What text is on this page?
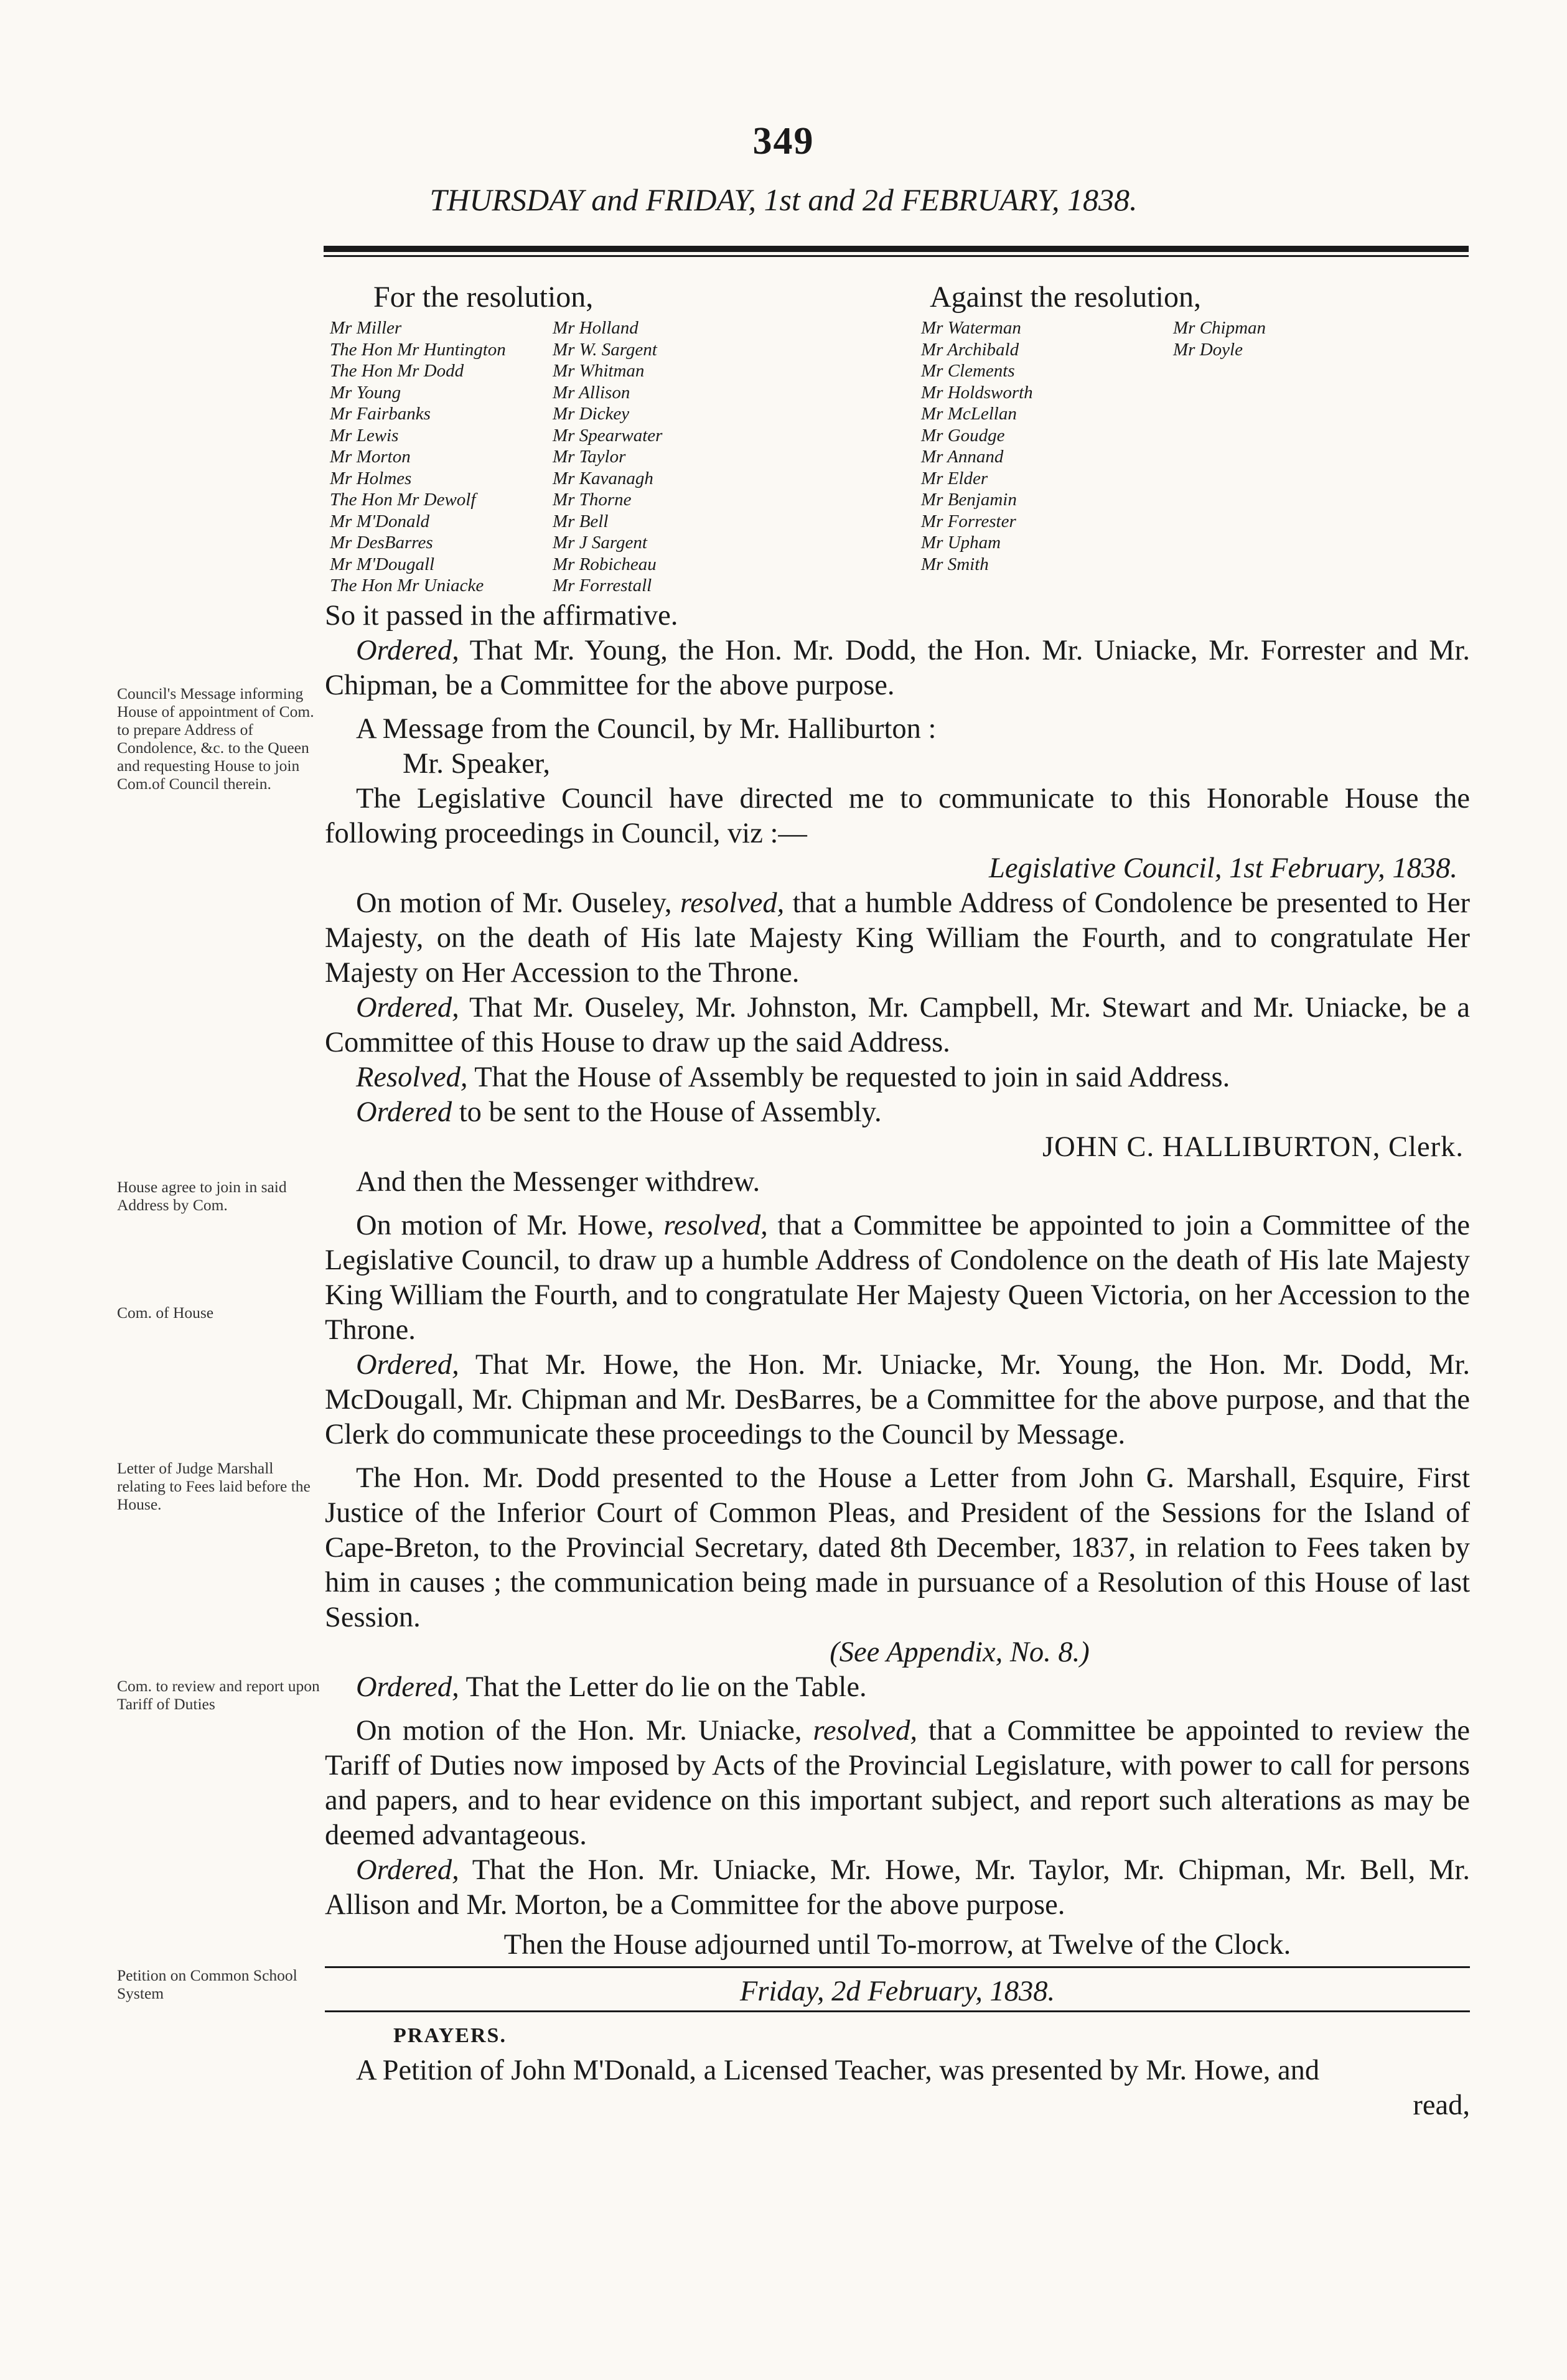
349
THURSDAY and FRIDAY, 1st and 2d FEBRUARY, 1838.
For the resolution,	Against the resolution,
Mr Miller
The Hon Mr Huntington
The Hon Mr Dodd
Mr Young
Mr Fairbanks
Mr Lewis
Mr Morton
Mr Holmes
The Hon Mr Dewolf
Mr M'Donald
Mr DesBarres
Mr M'Dougall
The Hon Mr Uniacke
Mr Holland
Mr W. Sargent
Mr Whitman
Mr Allison
Mr Dickey
Mr Spearwater
Mr Taylor
Mr Kavanagh
Mr Thorne
Mr Bell
Mr J Sargent
Mr Robicheau
Mr Forrestall
Mr Waterman
Mr Archibald
Mr Clements
Mr Holdsworth
Mr McLellan
Mr Goudge
Mr Annand
Mr Elder
Mr Benjamin
Mr Forrester
Mr Upham
Mr Smith
Mr Chipman
Mr Doyle
Council's Message informing House of appointment of Com. to prepare Address of Condolence, &c. to the Queen and requesting House to join Com.of Council therein.
House agree to join in said Address by Com.
Com. of House
Letter of Judge Marshall relating to Fees laid before the House.
Com. to review and report upon Tariff of Duties
Petition on Common School System

So it passed in the affirmative.

Ordered, That Mr. Young, the Hon. Mr. Dodd, the Hon. Mr. Uniacke, Mr. Forrester and Mr. Chipman, be a Committee for the above purpose.

A Message from the Council, by Mr. Halliburton :

Mr. Speaker,

The Legislative Council have directed me to communicate to this Honorable House the following proceedings in Council, viz :—

Legislative Council, 1st February, 1838.

On motion of Mr. Ouseley, resolved, that a humble Address of Condolence be presented to Her Majesty, on the death of His late Majesty King William the Fourth, and to congratulate Her Majesty on Her Accession to the Throne.

Ordered, That Mr. Ouseley, Mr. Johnston, Mr. Campbell, Mr. Stewart and Mr. Uniacke, be a Committee of this House to draw up the said Address.

Resolved, That the House of Assembly be requested to join in said Address.

Ordered to be sent to the House of Assembly.

JOHN C. HALLIBURTON, Clerk.

And then the Messenger withdrew.

On motion of Mr. Howe, resolved, that a Committee be appointed to join a Committee of the Legislative Council, to draw up a humble Address of Condolence on the death of His late Majesty King William the Fourth, and to congratulate Her Majesty Queen Victoria, on her Accession to the Throne.

Ordered, That Mr. Howe, the Hon. Mr. Uniacke, Mr. Young, the Hon. Mr. Dodd, Mr. McDougall, Mr. Chipman and Mr. DesBarres, be a Committee for the above purpose, and that the Clerk do communicate these proceedings to the Council by Message.

The Hon. Mr. Dodd presented to the House a Letter from John G. Marshall, Esquire, First Justice of the Inferior Court of Common Pleas, and President of the Sessions for the Island of Cape-Breton, to the Provincial Secretary, dated 8th December, 1837, in relation to Fees taken by him in causes ; the communication being made in pursuance of a Resolution of this House of last Session.

(See Appendix, No. 8.)

Ordered, That the Letter do lie on the Table.

On motion of the Hon. Mr. Uniacke, resolved, that a Committee be appointed to review the Tariff of Duties now imposed by Acts of the Provincial Legislature, with power to call for persons and papers, and to hear evidence on this important subject, and report such alterations as may be deemed advantageous.

Ordered, That the Hon. Mr. Uniacke, Mr. Howe, Mr. Taylor, Mr. Chipman, Mr. Bell, Mr. Allison and Mr. Morton, be a Committee for the above purpose.

Then the House adjourned until To-morrow, at Twelve of the Clock.

Friday, 2d February, 1838.

PRAYERS.

A Petition of John M'Donald, a Licensed Teacher, was presented by Mr. Howe, and

read,
